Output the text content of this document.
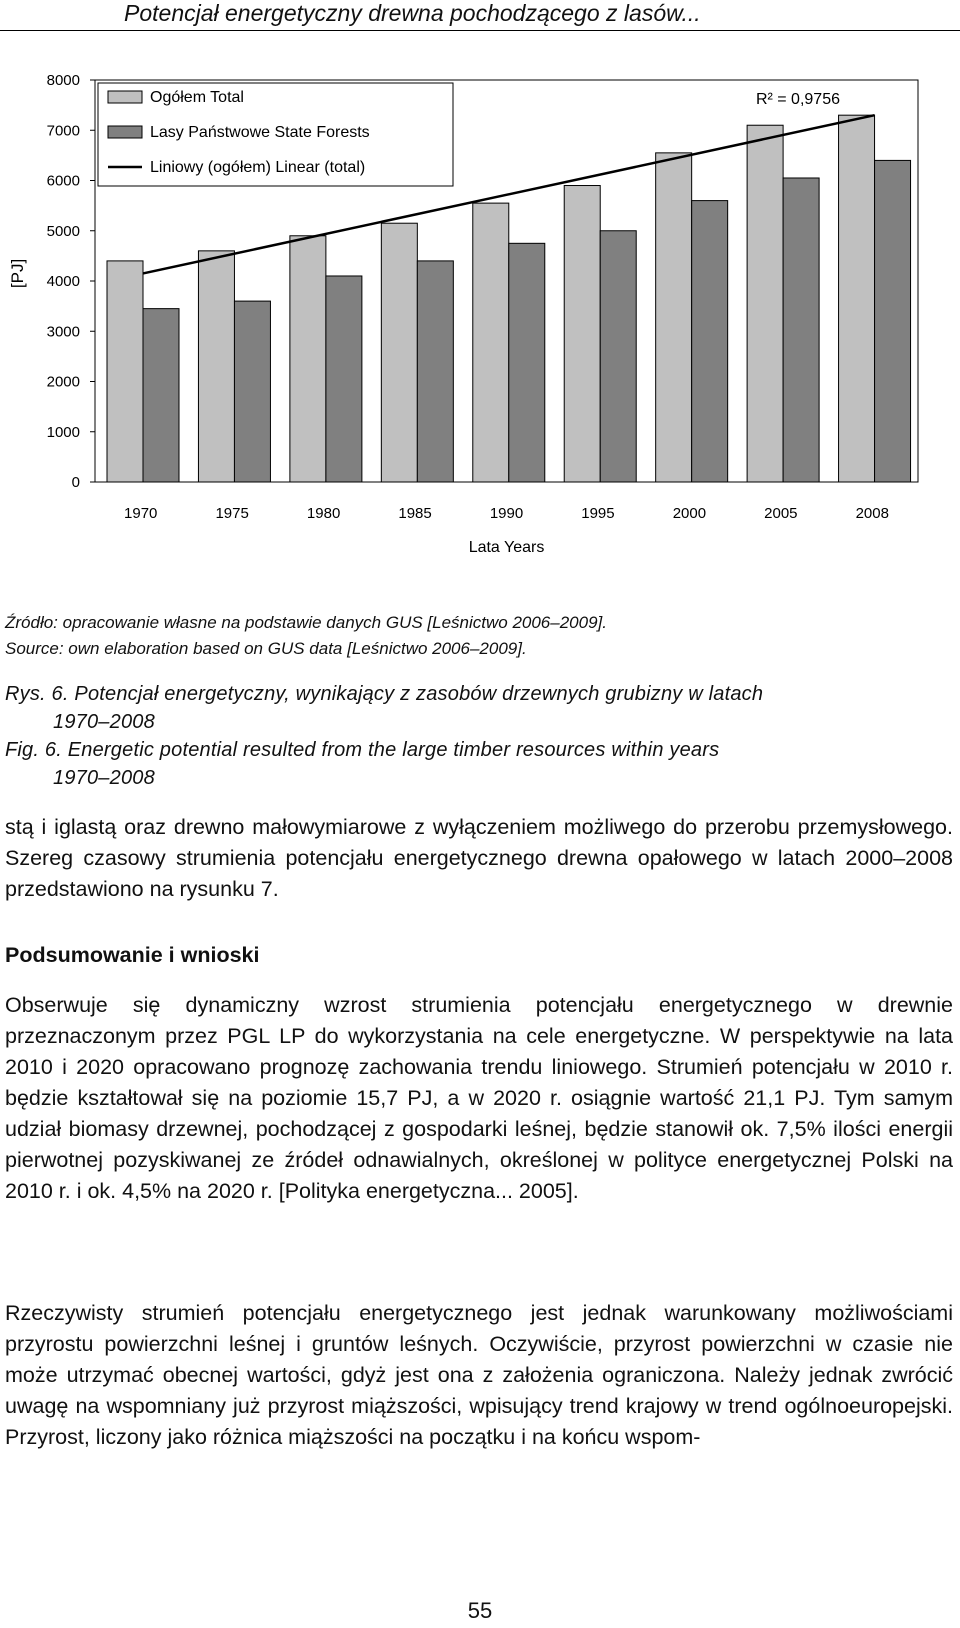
Potencjał energetyczny drewna pochodzącego z lasów...
0
1000
2000
3000
4000
5000
6000
7000
8000
[PJ]
1970	1975	1980	1985	1990	1995	2000	2005	2008
Lata Years
R² = 0,9756
Ogółem Total
Lasy Państwowe State Forests
Liniowy (ogółem) Linear (total)
Źródło: opracowanie własne na podstawie danych GUS [Leśnictwo 2006–2009].
Source: own elaboration based on GUS data [Leśnictwo 2006–2009].
Rys. 6. Potencjał energetyczny, wynikający z zasobów drzewnych grubizny w latach
1970–2008
Fig. 6. Energetic potential resulted from the large timber resources within years
1970–2008

stą i iglastą oraz drewno małowymiarowe z wyłączeniem możliwego do przerobu przemysłowego. Szereg czasowy strumienia potencjału energetycznego drewna opałowego w latach 2000–2008 przedstawiono na rysunku 7.

Podsumowanie i wnioski

Obserwuje się dynamiczny wzrost strumienia potencjału energetycznego w drewnie przeznaczonym przez PGL LP do wykorzystania na cele energetyczne. W perspektywie na lata 2010 i 2020 opracowano prognozę zachowania trendu liniowego. Strumień potencjału w 2010 r. będzie kształtował się na poziomie 15,7 PJ, a w 2020 r. osiągnie wartość 21,1 PJ. Tym samym udział biomasy drzewnej, pochodzącej z gospodarki leśnej, będzie stanowił ok. 7,5% ilości energii pierwotnej pozyskiwanej ze źródeł odnawialnych, określonej w polityce energetycznej Polski na 2010 r. i ok. 4,5% na 2020 r. [Polityka energetyczna... 2005].

Rzeczywisty strumień potencjału energetycznego jest jednak warunkowany możliwościami przyrostu powierzchni leśnej i gruntów leśnych. Oczywiście, przyrost powierzchni w czasie nie może utrzymać obecnej wartości, gdyż jest ona z założenia ograniczona. Należy jednak zwrócić uwagę na wspomniany już przyrost miąższości, wpisujący trend krajowy w trend ogólnoeuropejski. Przyrost, liczony jako różnica miąższości na początku i na końcu wspom-

55
